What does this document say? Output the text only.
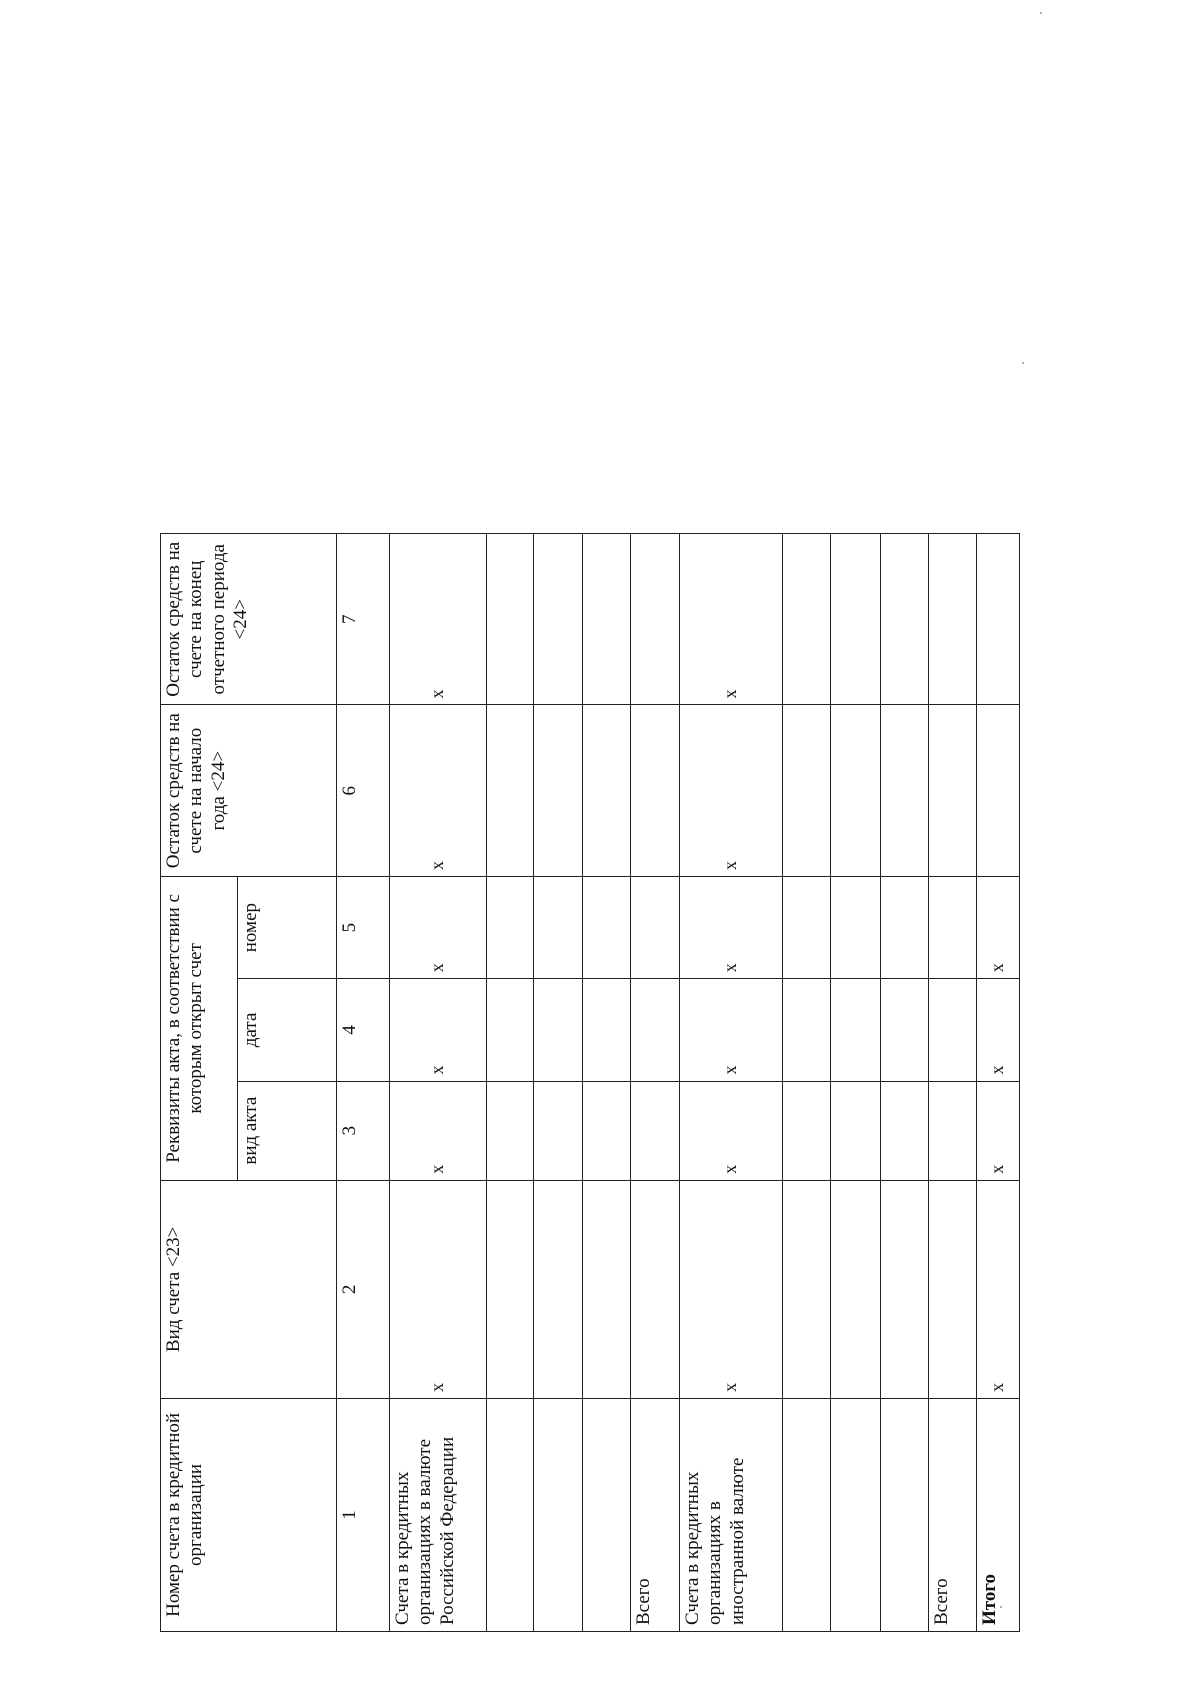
Номер счета в кредитной организации	Вид счета <23>	Реквизиты акта, в соответствии с которым открыт счет			Остаток средств на счете на начало года <24>	Остаток средств на счете на конец отчетного периода <24>
		вид акта	дата	номер		
1	2	3	4	5	6	7
Счета в кредитных организациях в валюте Российской Федерации	x	x	x	x	x	x

Всего						
Счета в кредитных организациях в иностранной валюте	x	x	x	x	x	x

Всего						
Итого	x	x	x	x		
